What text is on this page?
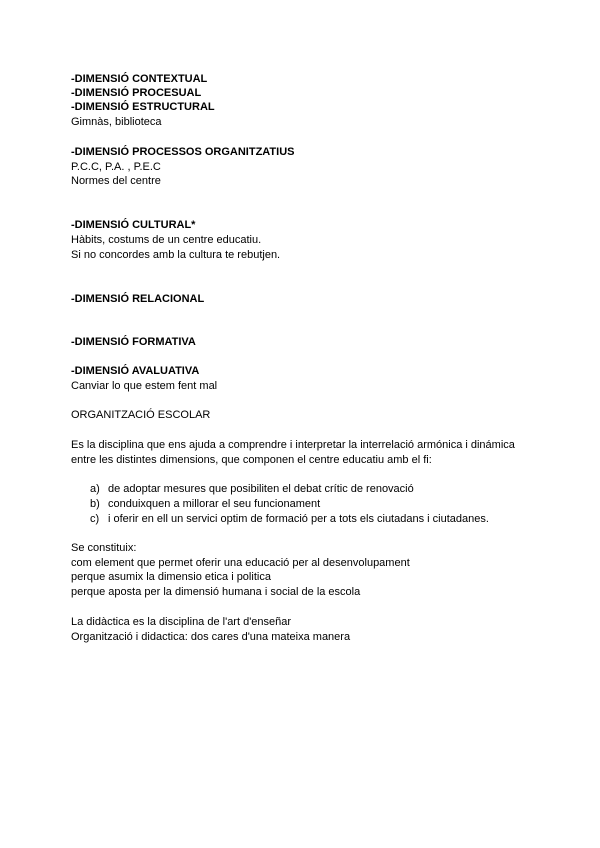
-DIMENSIÓ CONTEXTUAL
-DIMENSIÓ PROCESUAL
-DIMENSIÓ ESTRUCTURAL
Gimnàs, biblioteca
-DIMENSIÓ PROCESSOS ORGANITZATIUS
P.C.C, P.A. , P.E.C
Normes del centre
-DIMENSIÓ CULTURAL*
Hàbits, costums de un centre educatiu.
Si no concordes amb la cultura te rebutjen.
-DIMENSIÓ RELACIONAL
-DIMENSIÓ FORMATIVA
-DIMENSIÓ AVALUATIVA
Canviar lo que estem fent mal
ORGANITZACIÓ ESCOLAR
Es la disciplina que ens ajuda a comprendre i interpretar la interrelació armónica i dinámica
entre les distintes dimensions, que componen el centre educatiu amb el fi:
a) de adoptar mesures que posibiliten el debat crític de renovació
b) conduixquen a millorar el seu funcionament
c) i oferir en ell un servici optim de formació per a tots els ciutadans i ciutadanes.
Se constituix:
com element que permet oferir una educació per al desenvolupament
perque asumix la dimensio etica i politica
perque aposta per la dimensió humana i social de la escola
La didàctica es la disciplina de l'art d'enseñar
Organització i didactica: dos cares d'una mateixa manera
